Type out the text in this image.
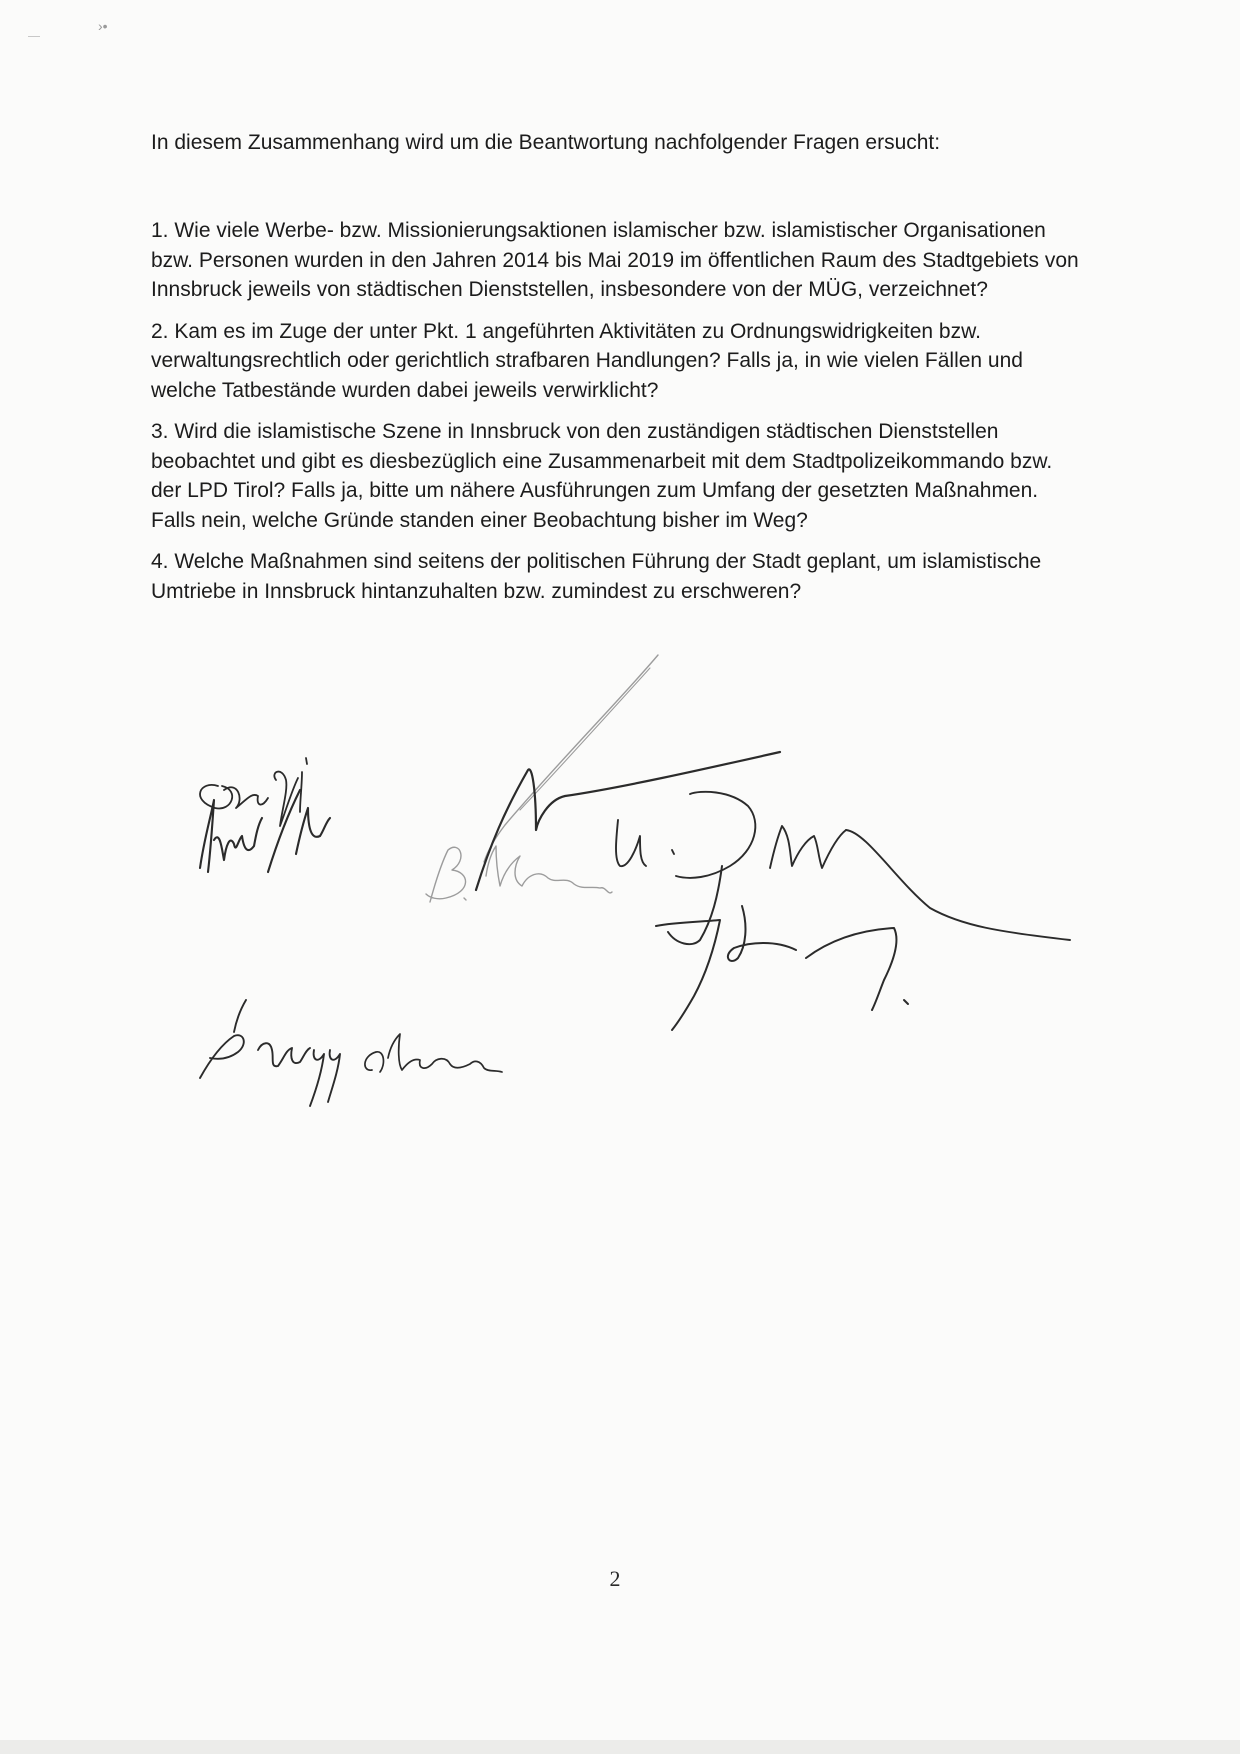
›•

In diesem Zusammenhang wird um die Beantwortung nachfolgender Fragen ersucht:

1. Wie viele Werbe- bzw. Missionierungsaktionen islamischer bzw. islamistischer Organisationen bzw. Personen wurden in den Jahren 2014 bis Mai 2019 im öffentlichen Raum des Stadtgebiets von Innsbruck jeweils von städtischen Dienststellen, insbesondere von der MÜG, verzeichnet?
2. Kam es im Zuge der unter Pkt. 1 angeführten Aktivitäten zu Ordnungswidrigkeiten bzw. verwaltungsrechtlich oder gerichtlich strafbaren Handlungen? Falls ja, in wie vielen Fällen und welche Tatbestände wurden dabei jeweils verwirklicht?
3. Wird die islamistische Szene in Innsbruck von den zuständigen städtischen Dienststellen beobachtet und gibt es diesbezüglich eine Zusammenarbeit mit dem Stadtpolizeikommando bzw. der LPD Tirol? Falls ja, bitte um nähere Ausführungen zum Umfang der gesetzten Maßnahmen. Falls nein, welche Gründe standen einer Beobachtung bisher im Weg?
4. Welche Maßnahmen sind seitens der politischen Führung der Stadt geplant, um islamistische Umtriebe in Innsbruck hintanzuhalten bzw. zumindest zu erschweren?
2
